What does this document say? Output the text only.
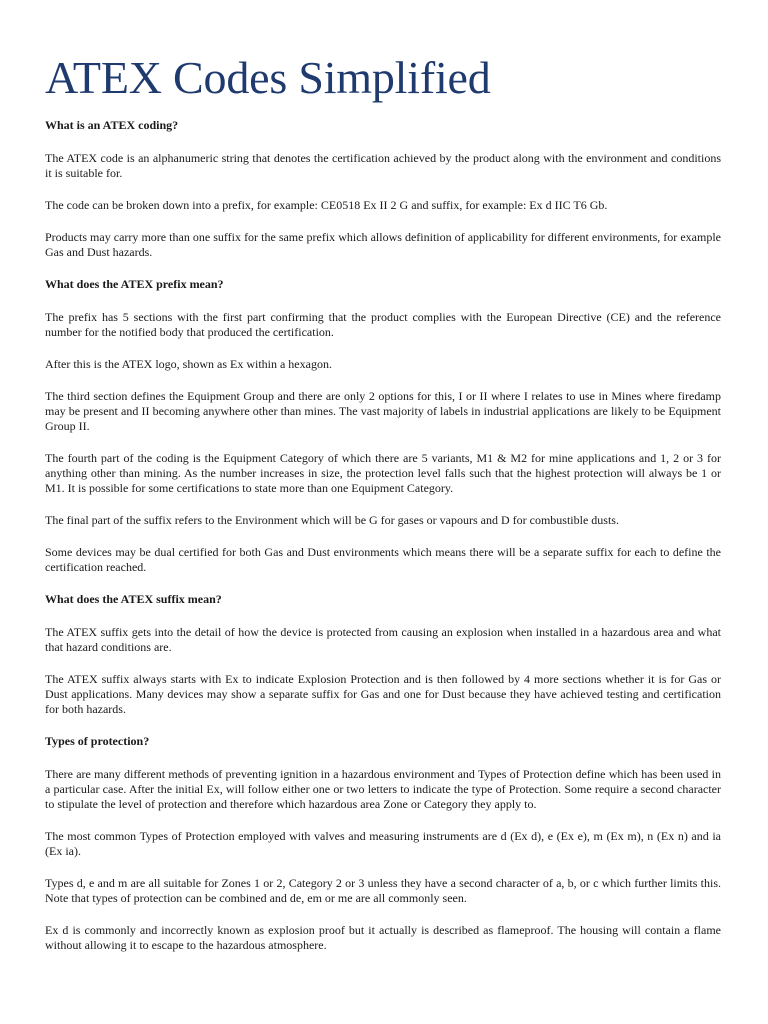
ATEX Codes Simplified
What is an ATEX coding?

The ATEX code is an alphanumeric string that denotes the certification achieved by the product along with the environment and conditions it is suitable for.

The code can be broken down into a prefix, for example: CE0518 Ex II 2 G and suffix, for example: Ex d IIC T6 Gb.

Products may carry more than one suffix for the same prefix which allows definition of applicability for different environments, for example Gas and Dust hazards.

What does the ATEX prefix mean?

The prefix has 5 sections with the first part confirming that the product complies with the European Directive (CE) and the reference number for the notified body that produced the certification.

After this is the ATEX logo, shown as Ex within a hexagon.

The third section defines the Equipment Group and there are only 2 options for this, I or II where I relates to use in Mines where firedamp may be present and II becoming anywhere other than mines. The vast majority of labels in industrial applications are likely to be Equipment Group II.

The fourth part of the coding is the Equipment Category of which there are 5 variants, M1 & M2 for mine applications and 1, 2 or 3 for anything other than mining. As the number increases in size, the protection level falls such that the highest protection will always be 1 or M1. It is possible for some certifications to state more than one Equipment Category.

The final part of the suffix refers to the Environment which will be G for gases or vapours and D for combustible dusts.

Some devices may be dual certified for both Gas and Dust environments which means there will be a separate suffix for each to define the certification reached.

What does the ATEX suffix mean?

The ATEX suffix gets into the detail of how the device is protected from causing an explosion when installed in a hazardous area and what that hazard conditions are.

The ATEX suffix always starts with Ex to indicate Explosion Protection and is then followed by 4 more sections whether it is for Gas or Dust applications. Many devices may show a separate suffix for Gas and one for Dust because they have achieved testing and certification for both hazards.

Types of protection?

There are many different methods of preventing ignition in a hazardous environment and Types of Protection define which has been used in a particular case. After the initial Ex, will follow either one or two letters to indicate the type of Protection. Some require a second character to stipulate the level of protection and therefore which hazardous area Zone or Category they apply to.

The most common Types of Protection employed with valves and measuring instruments are d (Ex d), e (Ex e), m (Ex m), n (Ex n) and ia (Ex ia).

Types d, e and m are all suitable for Zones 1 or 2, Category 2 or 3 unless they have a second character of a, b, or c which further limits this. Note that types of protection can be combined and de, em or me are all commonly seen.

Ex d is commonly and incorrectly known as explosion proof but it actually is described as flameproof. The housing will contain a flame without allowing it to escape to the hazardous atmosphere.
